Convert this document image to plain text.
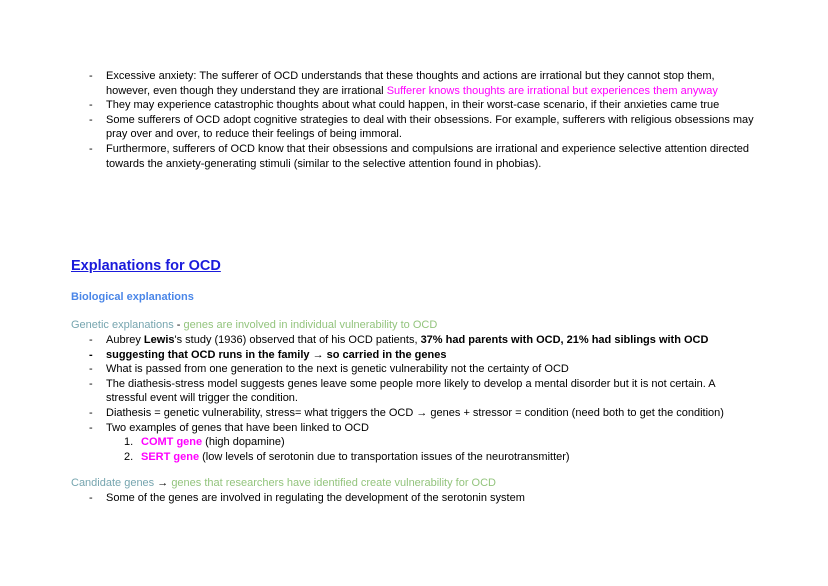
- Excessive anxiety: The sufferer of OCD understands that these thoughts and actions are irrational but they cannot stop them, however, even though they understand they are irrational Sufferer knows thoughts are irrational but experiences them anyway
- They may experience catastrophic thoughts about what could happen, in their worst-case scenario, if their anxieties came true
- Some sufferers of OCD adopt cognitive strategies to deal with their obsessions. For example, sufferers with religious obsessions may pray over and over, to reduce their feelings of being immoral.
- Furthermore, sufferers of OCD know that their obsessions and compulsions are irrational and experience selective attention directed towards the anxiety-generating stimuli (similar to the selective attention found in phobias).
Explanations for OCD
Biological explanations
Genetic explanations - genes are involved in individual vulnerability to OCD
- Aubrey Lewis's study (1936) observed that of his OCD patients, 37% had parents with OCD, 21% had siblings with OCD
- suggesting that OCD runs in the family → so carried in the genes
- What is passed from one generation to the next is genetic vulnerability not the certainty of OCD
- The diathesis-stress model suggests genes leave some people more likely to develop a mental disorder but it is not certain. A stressful event will trigger the condition.
- Diathesis = genetic vulnerability, stress= what triggers the OCD → genes + stressor = condition (need both to get the condition)
- Two examples of genes that have been linked to OCD
1. COMT gene (high dopamine)
2. SERT gene (low levels of serotonin due to transportation issues of the neurotransmitter)
Candidate genes → genes that researchers have identified create vulnerability for OCD
- Some of the genes are involved in regulating the development of the serotonin system
